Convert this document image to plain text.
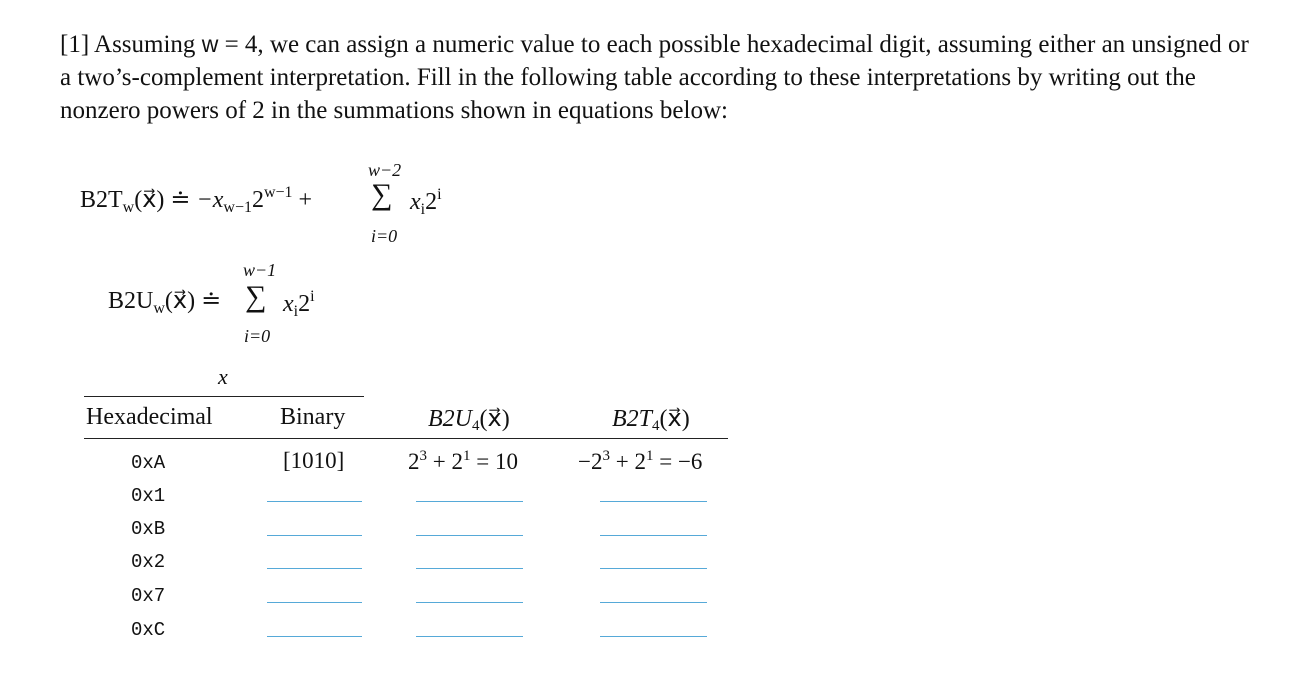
[1] Assuming w = 4, we can assign a numeric value to each possible hexadecimal digit, assuming either an unsigned or a two’s-complement interpretation. Fill in the following table according to these interpretations by writing out the nonzero powers of 2 in the summations shown in equations below:
$B2T_w(x⃗)$ ≐ $-x_{w-1}2^{w-1}$ +
w−2
∑
i=0
$x_i2^i$
$B2U_w(x⃗)$ ≐
w−1
∑
i=0
$x_i2^i$
x⃗
Hexadecimal	Binary	$B2U_4(x⃗)$	$B2T_4(x⃗)$
0xA	[1010]	$2^3 + 2^1 = 10$	$-2^3 + 2^1 = -6$
0x1
0xB
0x2
0x7
0xC
